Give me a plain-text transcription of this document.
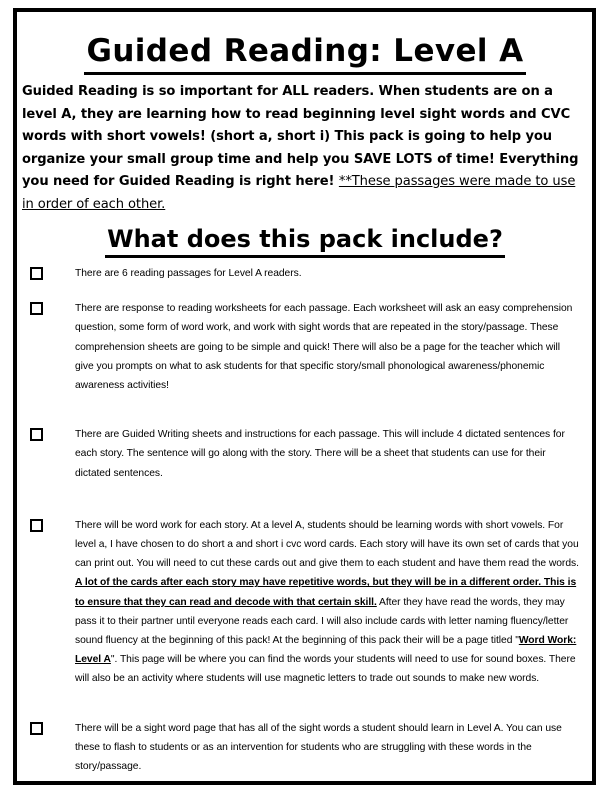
Guided Reading: Level A

Guided Reading is so important for ALL readers. When students are on a level A, they are learning how to read beginning level sight words and CVC words with short vowels! (short a, short i) This pack is going to help you organize your small group time and help you SAVE LOTS of time! Everything you need for Guided Reading is right here! **These passages were made to use in order of each other.

What does this pack include?
There are 6 reading passages for Level A readers.
There are response to reading worksheets for each passage. Each worksheet will ask an easy comprehension question, some form of word work, and work with sight words that are repeated in the story/passage. These comprehension sheets are going to be simple and quick! There will also be a page for the teacher which will give you prompts on what to ask students for that specific story/small phonological awareness/phonemic awareness activities!
There are Guided Writing sheets and instructions for each passage. This will include 4 dictated sentences for each story. The sentence will go along with the story. There will be a sheet that students can use for their dictated sentences.
There will be word work for each story. At a level A, students should be learning words with short vowels. For level a, I have chosen to do short a and short i cvc word cards. Each story will have its own set of cards that you can print out. You will need to cut these cards out and give them to each student and have them read the words. A lot of the cards after each story may have repetitive words, but they will be in a different order. This is to ensure that they can read and decode with that certain skill. After they have read the words, they may pass it to their partner until everyone reads each card. I will also include cards with letter naming fluency/letter sound fluency at the beginning of this pack! At the beginning of this pack their will be a page titled "Word Work: Level A". This page will be where you can find the words your students will need to use for sound boxes. There will also be an activity where students will use magnetic letters to trade out sounds to make new words.
There will be a sight word page that has all of the sight words a student should learn in Level A. You can use these to flash to students or as an intervention for students who are struggling with these words in the story/passage.
